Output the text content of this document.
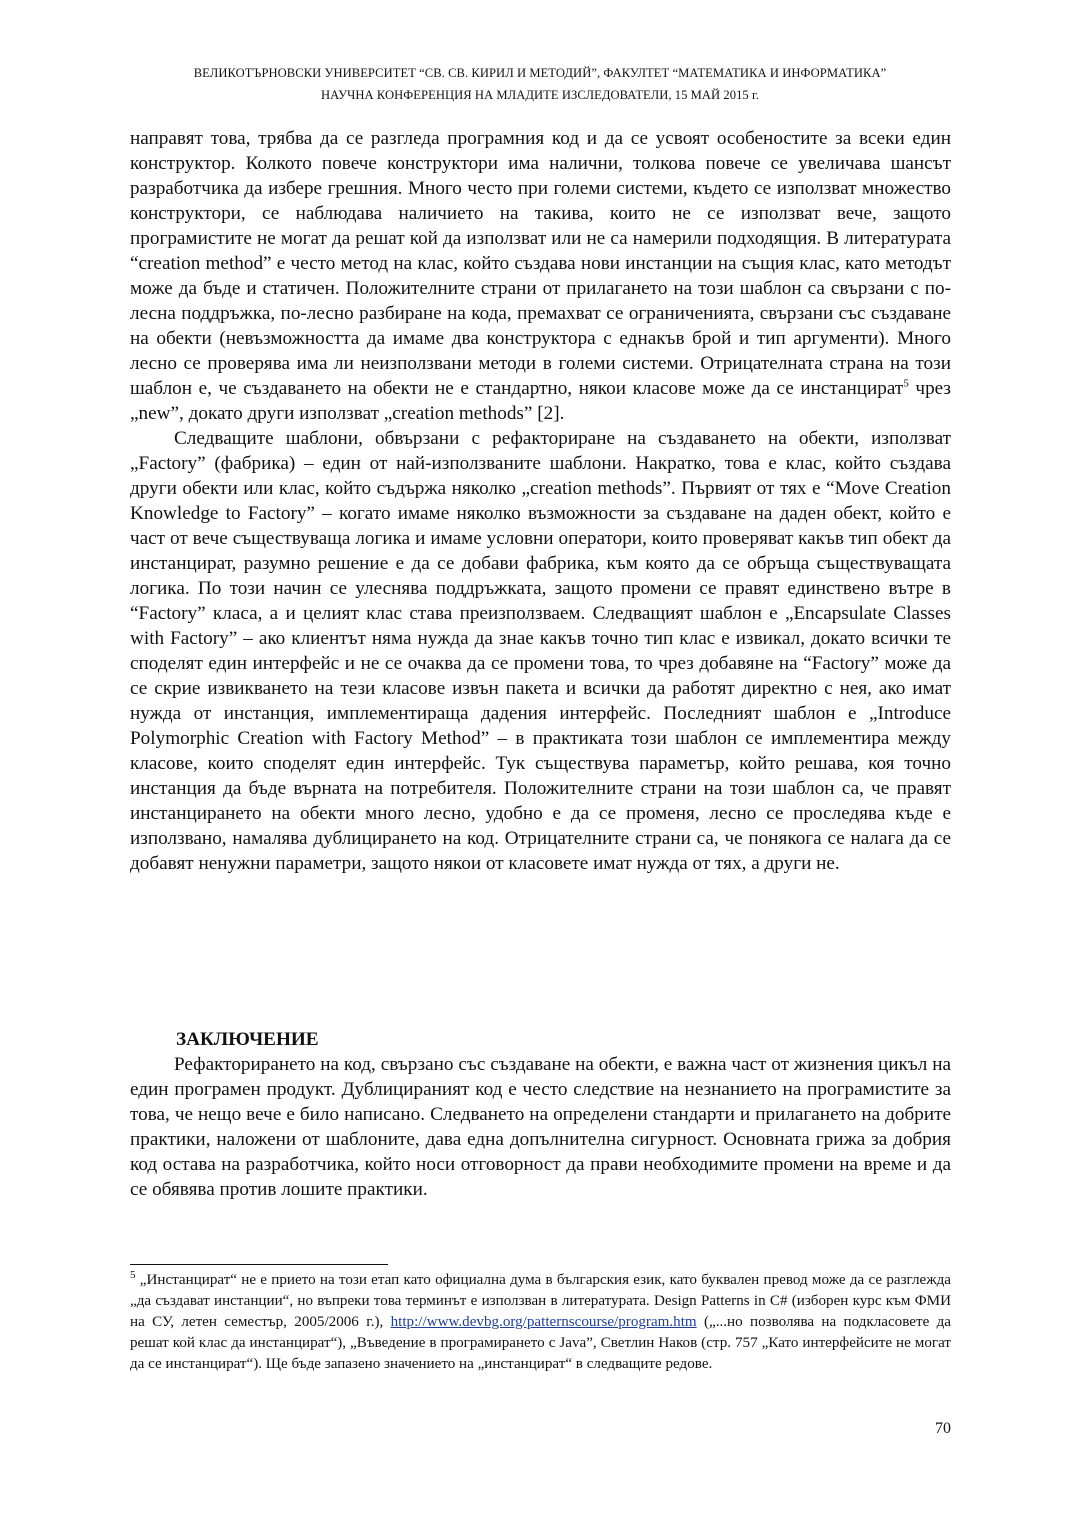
ВЕЛИКОТЪРНОВСКИ УНИВЕРСИТЕТ “СВ. СВ. КИРИЛ И МЕТОДИЙ”, ФАКУЛТЕТ “МАТЕМАТИКА И ИНФОРМАТИКА”
НАУЧНА КОНФЕРЕНЦИЯ НА МЛАДИТЕ ИЗСЛЕДОВАТЕЛИ, 15 МАЙ 2015 г.

направят това, трябва да се разгледа програмния код и да се усвоят особеностите за всеки един конструктор. Колкото повече конструктори има налични, толкова повече се увеличава шансът разработчика да избере грешния. Много често при големи системи, където се използват множество конструктори, се наблюдава наличието на такива, които не се използват вече, защото програмистите не могат да решат кой да използват или не са намерили подходящия. В литературата “creation method” е често метод на клас, който създава нови инстанции на същия клас, като методът може да бъде и статичен. Положителните страни от прилагането на този шаблон са свързани с по-лесна поддръжка, по-лесно разбиране на кода, премахват се ограниченията, свързани със създаване на обекти (невъзможността да имаме два конструктора с еднакъв брой и тип аргументи). Много лесно се проверява има ли неизползвани методи в големи системи. Отрицателната страна на този шаблон е, че създаването на обекти не е стандартно, някои класове може да се инстанцират$^5$ чрез „new”, докато други използват „creation methods” [2].

Следващите шаблони, обвързани с рефакториране на създаването на обекти, използват „Factory” (фабрика) – един от най-използваните шаблони. Накратко, това е клас, който създава други обекти или клас, който съдържа няколко „creation methods”. Първият от тях е “Move Creation Knowledge to Factory” – когато имаме няколко възможности за създаване на даден обект, който е част от вече съществуваща логика и имаме условни оператори, които проверяват какъв тип обект да инстанцират, разумно решение е да се добави фабрика, към която да се обръща съществуващата логика. По този начин се улеснява поддръжката, защото промени се правят единствено вътре в “Factory” класа, а и целият клас става преизползваем. Следващият шаблон е „Encapsulate Classes with Factory” – ако клиентът няма нужда да знае какъв точно тип клас е извикал, докато всички те споделят един интерфейс и не се очаква да се промени това, то чрез добавяне на “Factory” може да се скрие извикването на тези класове извън пакета и всички да работят директно с нея, ако имат нужда от инстанция, имплементираща дадения интерфейс. Последният шаблон е „Introduce Polymorphic Creation with Factory Method” – в практиката този шаблон се имплементира между класове, които споделят един интерфейс. Тук съществува параметър, който решава, коя точно инстанция да бъде върната на потребителя. Положителните страни на този шаблон са, че правят инстанцирането на обекти много лесно, удобно е да се променя, лесно се проследява къде е използвано, намалява дублицирането на код. Отрицателните страни са, че понякога се налага да се добавят ненужни параметри, защото някои от класовете имат нужда от тях, а други не.

ЗАКЛЮЧЕНИЕ

Рефакторирането на код, свързано със създаване на обекти, е важна част от жизнения цикъл на един програмен продукт. Дублицираният код е често следствие на незнанието на програмистите за това, че нещо вече е било написано. Следването на определени стандарти и прилагането на добрите практики, наложени от шаблоните, дава една допълнителна сигурност. Основната грижа за добрия код остава на разработчика, който носи отговорност да прави необходимите промени на време и да се обявява против лошите практики.

$^5$ „Инстанцират“ не е прието на този етап като официална дума в българския език, като буквален превод може да се разглежда „да създават инстанции“, но въпреки това терминът е използван в литературата. Design Patterns in C# (изборен курс към ФМИ на СУ, летен семестър, 2005/2006 г.), http://www.devbg.org/patternscourse/program.htm („...но позволява на подкласовете да решат кой клас да инстанцират“), „Въведение в програмирането с Java”, Светлин Наков (стр. 757 „Като интерфейсите не могат да се инстанцират“). Ще бъде запазено значението на „инстанцират“ в следващите редове.

70
